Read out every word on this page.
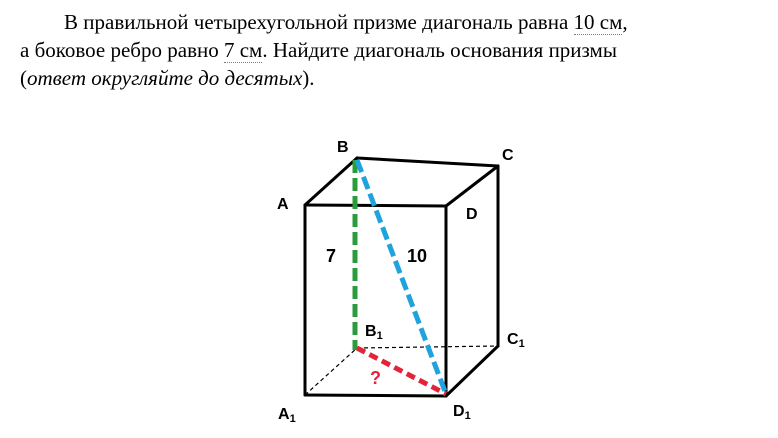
В правильной четырехугольной призме диагональ равна 10 см,
а боковое ребро равно 7 см. Найдите диагональ основания призмы
(ответ округляйте до десятых).
B	C
A
D
B1	C1
A1	D1
7	10
?
